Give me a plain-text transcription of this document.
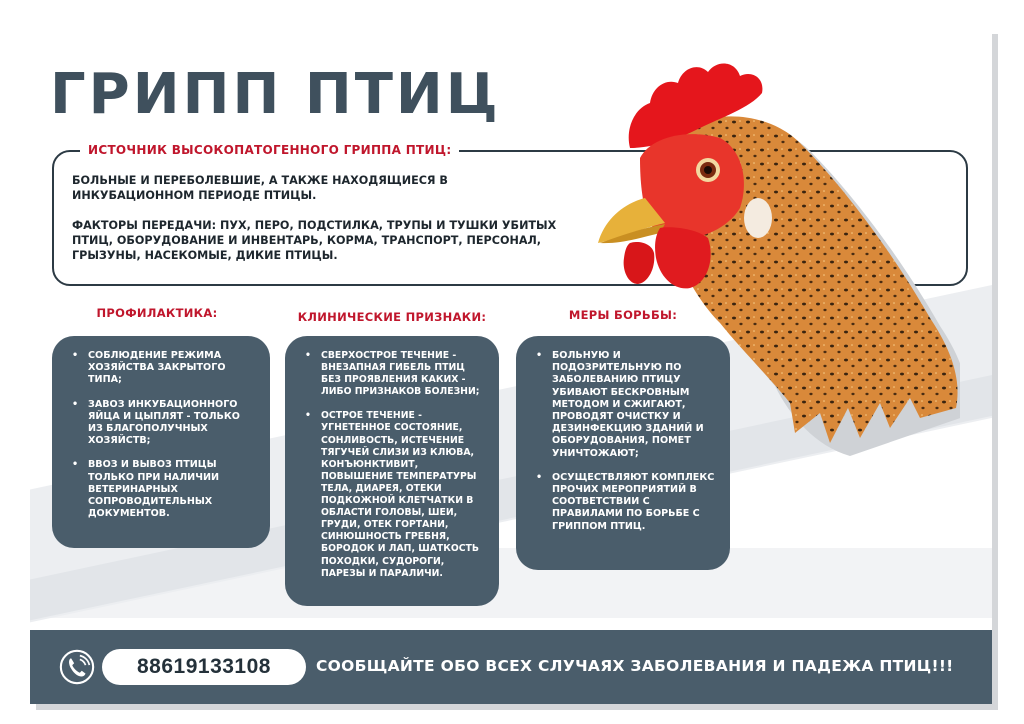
ГРИПП ПТИЦ
ИСТОЧНИК ВЫСОКОПАТОГЕННОГО ГРИППА ПТИЦ:

БОЛЬНЫЕ И ПЕРЕБОЛЕВШИЕ, А ТАКЖЕ НАХОДЯЩИЕСЯ В ИНКУБАЦИОННОМ ПЕРИОДЕ ПТИЦЫ.

ФАКТОРЫ ПЕРЕДАЧИ: ПУХ, ПЕРО, ПОДСТИЛКА, ТРУПЫ И ТУШКИ УБИТЫХ ПТИЦ, ОБОРУДОВАНИЕ И ИНВЕНТАРЬ, КОРМА, ТРАНСПОРТ, ПЕРСОНАЛ, ГРЫЗУНЫ, НАСЕКОМЫЕ, ДИКИЕ ПТИЦЫ.

ПРОФИЛАКТИКА:
• СОБЛЮДЕНИЕ РЕЖИМА ХОЗЯЙСТВА ЗАКРЫТОГО ТИПА;
• ЗАВОЗ ИНКУБАЦИОННОГО ЯЙЦА И ЦЫПЛЯТ - ТОЛЬКО ИЗ БЛАГОПОЛУЧНЫХ ХОЗЯЙСТВ;
• ВВОЗ И ВЫВОЗ ПТИЦЫ ТОЛЬКО ПРИ НАЛИЧИИ ВЕТЕРИНАРНЫХ СОПРОВОДИТЕЛЬНЫХ ДОКУМЕНТОВ.
КЛИНИЧЕСКИЕ ПРИЗНАКИ:
• СВЕРХОСТРОЕ ТЕЧЕНИЕ - ВНЕЗАПНАЯ ГИБЕЛЬ ПТИЦ БЕЗ ПРОЯВЛЕНИЯ КАКИХ - ЛИБО ПРИЗНАКОВ БОЛЕЗНИ;
• ОСТРОЕ ТЕЧЕНИЕ - УГНЕТЕННОЕ СОСТОЯНИЕ, СОНЛИВОСТЬ, ИСТЕЧЕНИЕ ТЯГУЧЕЙ СЛИЗИ ИЗ КЛЮВА, КОНЪЮНКТИВИТ, ПОВЫШЕНИЕ ТЕМПЕРАТУРЫ ТЕЛА, ДИАРЕЯ, ОТЕКИ ПОДКОЖНОЙ КЛЕТЧАТКИ В ОБЛАСТИ ГОЛОВЫ, ШЕИ, ГРУДИ, ОТЕК ГОРТАНИ, СИНЮШНОСТЬ ГРЕБНЯ, БОРОДОК И ЛАП, ШАТКОСТЬ ПОХОДКИ, СУДОРОГИ, ПАРЕЗЫ И ПАРАЛИЧИ.
МЕРЫ БОРЬБЫ:
• БОЛЬНУЮ И ПОДОЗРИТЕЛЬНУЮ ПО ЗАБОЛЕВАНИЮ ПТИЦУ УБИВАЮТ БЕСКРОВНЫМ МЕТОДОМ И СЖИГАЮТ, ПРОВОДЯТ ОЧИСТКУ И ДЕЗИНФЕКЦИЮ ЗДАНИЙ И ОБОРУДОВАНИЯ, ПОМЕТ УНИЧТОЖАЮТ;
• ОСУЩЕСТВЛЯЮТ КОМПЛЕКС ПРОЧИХ МЕРОПРИЯТИЙ В СООТВЕТСТВИИ С ПРАВИЛАМИ ПО БОРЬБЕ С ГРИППОМ ПТИЦ.
88619133108	СООБЩАЙТЕ ОБО ВСЕХ СЛУЧАЯХ ЗАБОЛЕВАНИЯ И ПАДЕЖА ПТИЦ!!!
